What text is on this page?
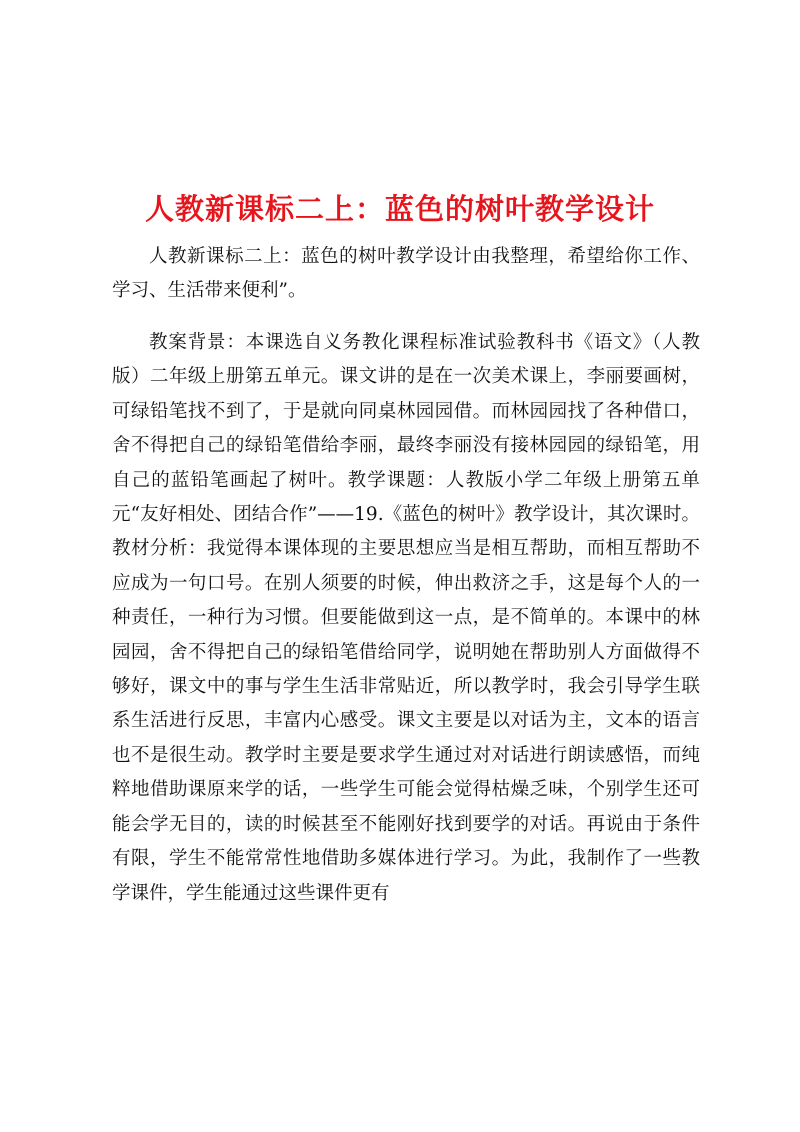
人教新课标二上：蓝色的树叶教学设计

人教新课标二上：蓝色的树叶教学设计由我整理，希望给你工作、学习、生活带来便利”。

教案背景：本课选自义务教化课程标准试验教科书《语文》（人教版）二年级上册第五单元。课文讲的是在一次美术课上，李丽要画树，可绿铅笔找不到了，于是就向同桌林园园借。而林园园找了各种借口，舍不得把自己的绿铅笔借给李丽，最终李丽没有接林园园的绿铅笔，用自己的蓝铅笔画起了树叶。教学课题：人教版小学二年级上册第五单元“友好相处、团结合作”——19.《蓝色的树叶》教学设计，其次课时。教材分析：我觉得本课体现的主要思想应当是相互帮助，而相互帮助不应成为一句口号。在别人须要的时候，伸出救济之手，这是每个人的一种责任，一种行为习惯。但要能做到这一点，是不简单的。本课中的林园园，舍不得把自己的绿铅笔借给同学，说明她在帮助别人方面做得不够好，课文中的事与学生生活非常贴近，所以教学时，我会引导学生联系生活进行反思，丰富内心感受。课文主要是以对话为主，文本的语言也不是很生动。教学时主要是要求学生通过对对话进行朗读感悟，而纯粹地借助课原来学的话，一些学生可能会觉得枯燥乏味，个别学生还可能会学无目的，读的时候甚至不能刚好找到要学的对话。再说由于条件有限，学生不能常常性地借助多媒体进行学习。为此，我制作了一些教学课件，学生能通过这些课件更有
